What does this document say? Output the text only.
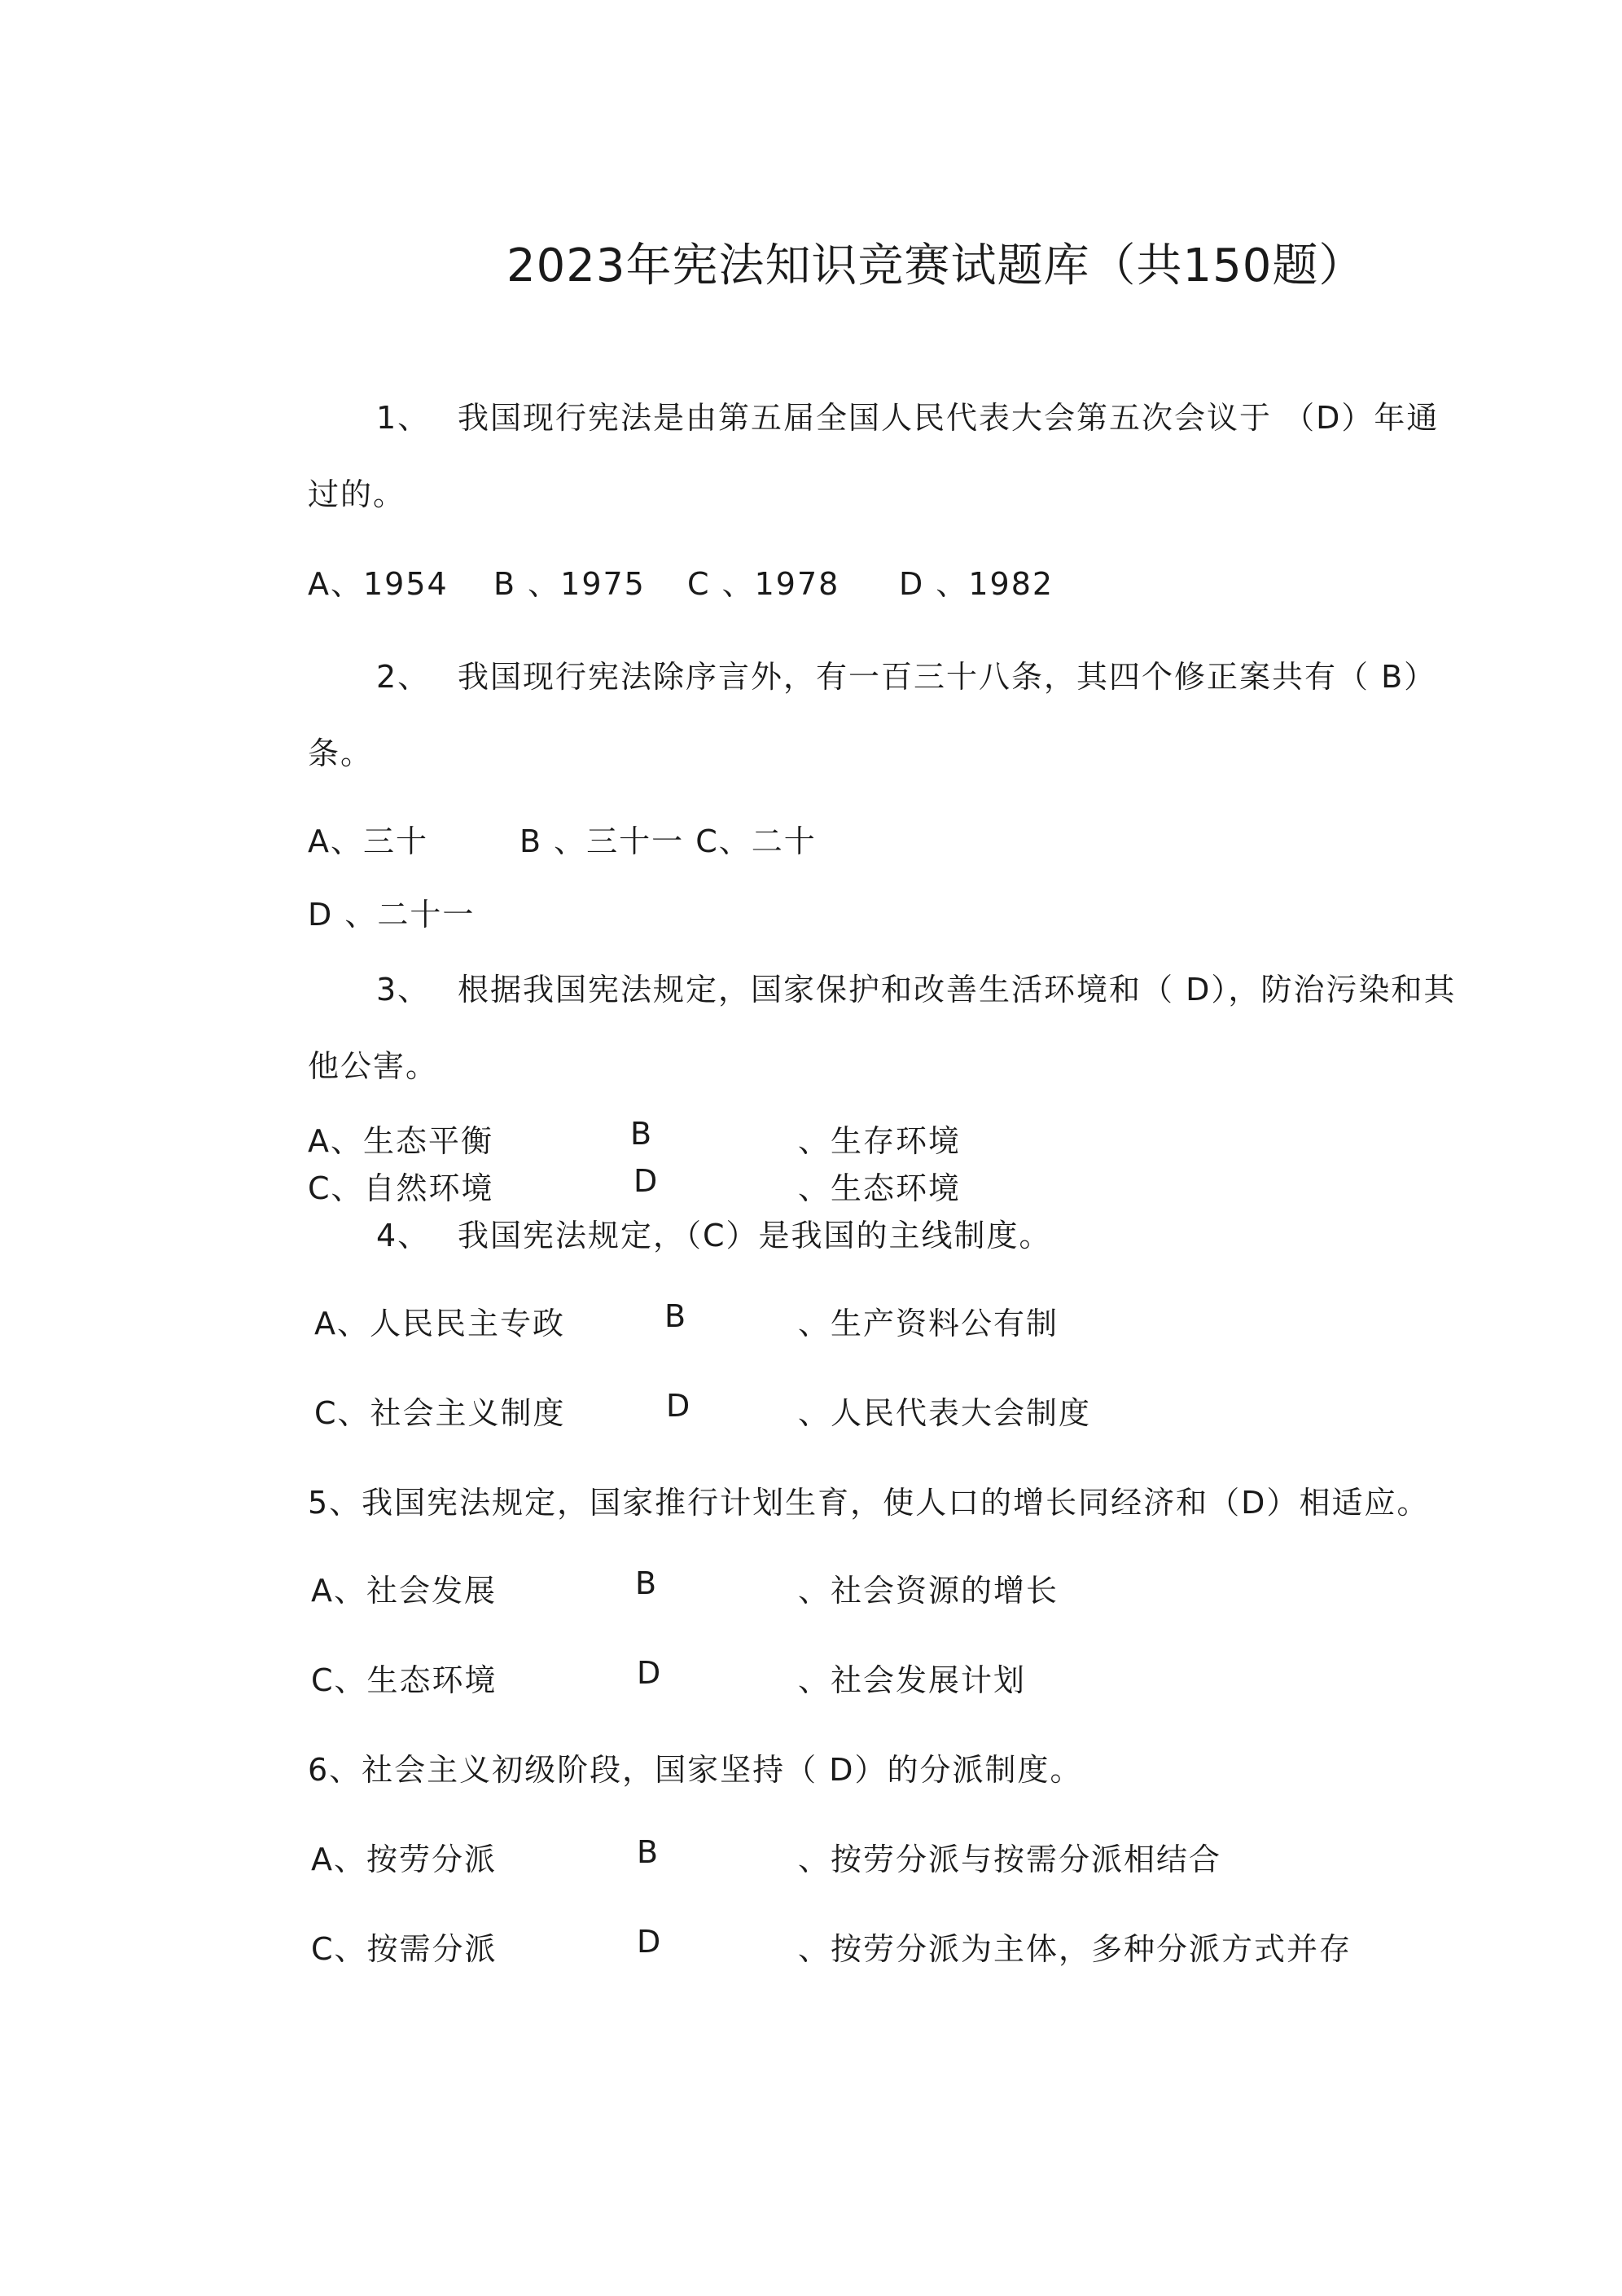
2023年宪法知识竞赛试题库（共150题）
1、 我国现行宪法是由第五届全国人民代表大会第五次会议于 （D）年通
过的。
A、1954 B 、1975 C 、1978 D 、1982
2、 我国现行宪法除序言外，有一百三十八条，其四个修正案共有（ B）
条。
A、三十	B 、三十一 C、二十
D 、二十一
3、 根据我国宪法规定，国家保护和改善生活环境和（ D），防治污染和其
他公害。
A、生态平衡	B	、生存环境
C、自然环境	D	、生态环境
4、 我国宪法规定，（C）是我国的主线制度。
A、人民民主专政	B	、生产资料公有制
C、社会主义制度	D	、人民代表大会制度
5、我国宪法规定，国家推行计划生育，使人口的增长同经济和（D）相适应。
A、社会发展	B	、社会资源的增长
C、生态环境	D	、社会发展计划
6、社会主义初级阶段，国家坚持（ D）的分派制度。
A、按劳分派	B	、按劳分派与按需分派相结合
C、按需分派	D	、按劳分派为主体，多种分派方式并存
